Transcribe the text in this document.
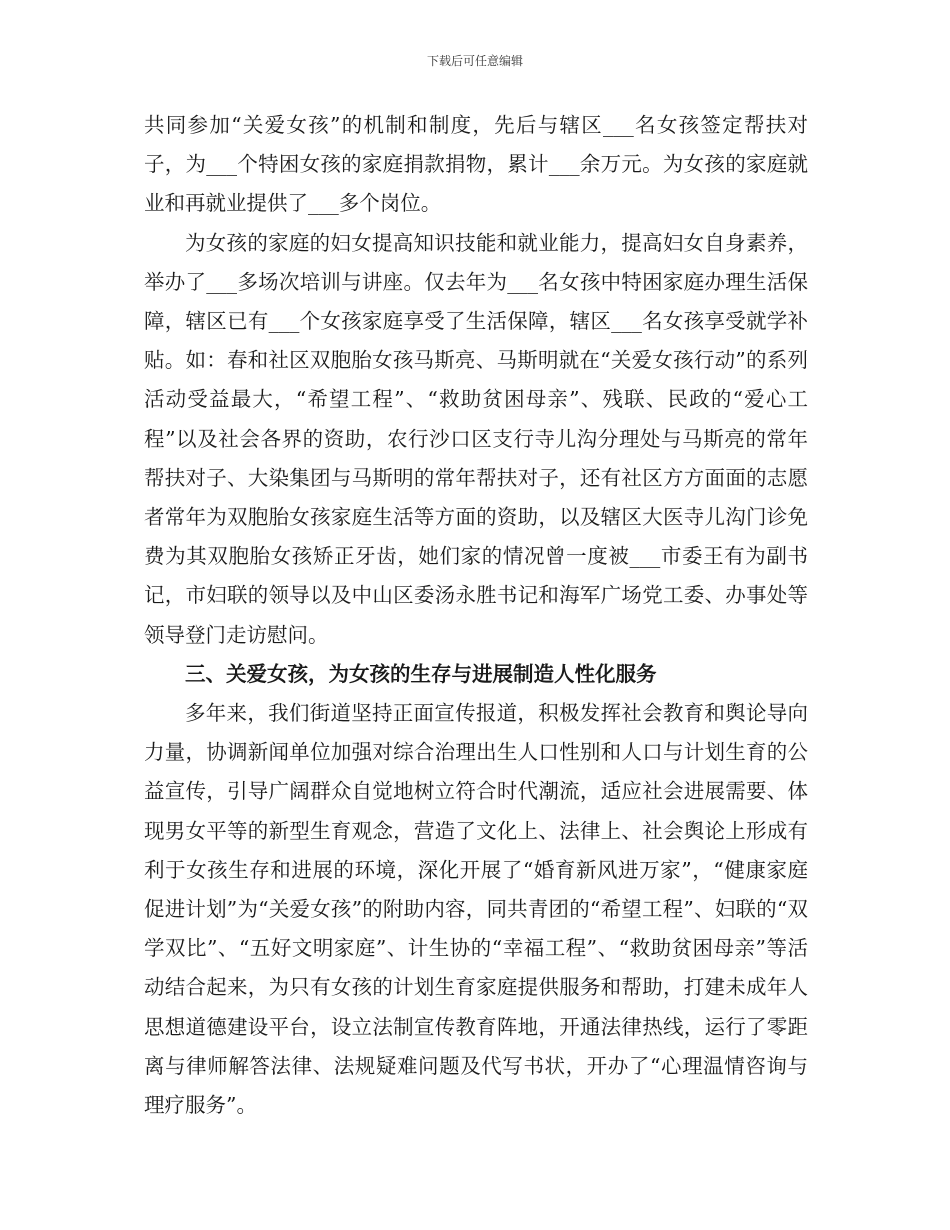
下载后可任意编辑

共同参加“关爱女孩”的机制和制度，先后与辖区___名女孩签定帮扶对子，为___个特困女孩的家庭捐款捐物，累计___余万元。为女孩的家庭就业和再就业提供了___多个岗位。

为女孩的家庭的妇女提高知识技能和就业能力，提高妇女自身素养，举办了___多场次培训与讲座。仅去年为___名女孩中特困家庭办理生活保障，辖区已有___个女孩家庭享受了生活保障，辖区___名女孩享受就学补贴。如：春和社区双胞胎女孩马斯亮、马斯明就在“关爱女孩行动”的系列活动受益最大，“希望工程”、“救助贫困母亲”、残联、民政的“爱心工程”以及社会各界的资助，农行沙口区支行寺儿沟分理处与马斯亮的常年帮扶对子、大染集团与马斯明的常年帮扶对子，还有社区方方面面的志愿者常年为双胞胎女孩家庭生活等方面的资助，以及辖区大医寺儿沟门诊免费为其双胞胎女孩矫正牙齿，她们家的情况曾一度被___市委王有为副书记，市妇联的领导以及中山区委汤永胜书记和海军广场党工委、办事处等领导登门走访慰问。

三、关爱女孩，为女孩的生存与进展制造人性化服务

多年来，我们街道坚持正面宣传报道，积极发挥社会教育和舆论导向力量，协调新闻单位加强对综合治理出生人口性别和人口与计划生育的公益宣传，引导广阔群众自觉地树立符合时代潮流，适应社会进展需要、体现男女平等的新型生育观念，营造了文化上、法律上、社会舆论上形成有利于女孩生存和进展的环境，深化开展了“婚育新风进万家”，“健康家庭促进计划”为“关爱女孩”的附助内容，同共青团的“希望工程”、妇联的“双学双比”、“五好文明家庭”、计生协的“幸福工程”、“救助贫困母亲”等活动结合起来，为只有女孩的计划生育家庭提供服务和帮助，打建未成年人思想道德建设平台，设立法制宣传教育阵地，开通法律热线，运行了零距离与律师解答法律、法规疑难问题及代写书状，开办了“心理温情咨询与理疗服务”。
